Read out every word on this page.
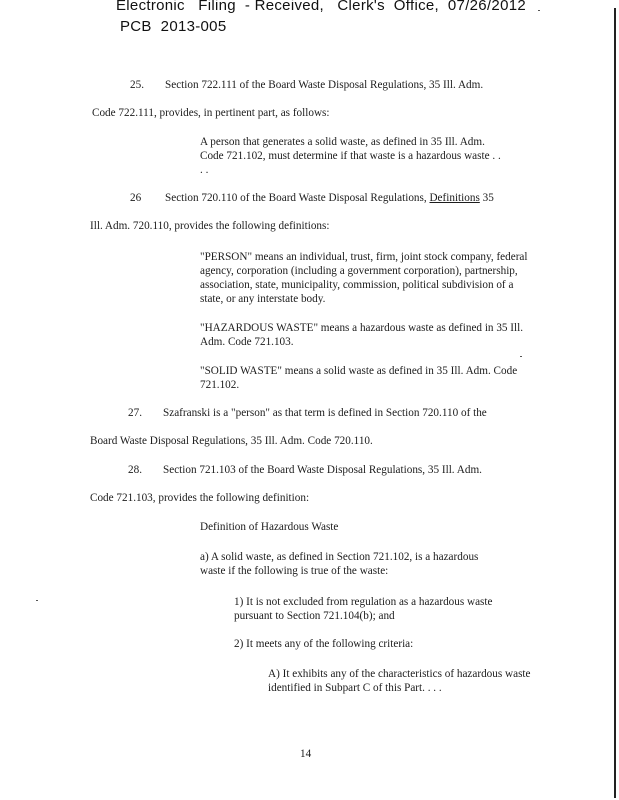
Electronic   Filing  - Received,   Clerk's  Office,  07/26/2012
PCB  2013-005
25. Section 722.111 of the Board Waste Disposal Regulations, 35 Ill. Adm.
Code 722.111, provides, in pertinent part, as follows:
A person that generates a solid waste, as defined in 35 Ill. Adm.
Code 721.102, must determine if that waste is a hazardous waste . .
. .
26 Section 720.110 of the Board Waste Disposal Regulations, Definitions 35
Ill. Adm. 720.110, provides the following definitions:
"PERSON" means an individual, trust, firm, joint stock company, federal agency, corporation (including a government corporation), partnership, association, state, municipality, commission, political subdivision of a state, or any interstate body.
"HAZARDOUS WASTE" means a hazardous waste as defined in 35 Ill. Adm. Code 721.103.
"SOLID WASTE" means a solid waste as defined in 35 Ill. Adm. Code 721.102.
27. Szafranski is a "person" as that term is defined in Section 720.110 of the
Board Waste Disposal Regulations, 35 Ill. Adm. Code 720.110.
28. Section 721.103 of the Board Waste Disposal Regulations, 35 Ill. Adm.
Code 721.103, provides the following definition:
Definition of Hazardous Waste
a) A solid waste, as defined in Section 721.102, is a hazardous waste if the following is true of the waste:
1) It is not excluded from regulation as a hazardous waste pursuant to Section 721.104(b); and
2) It meets any of the following criteria:
A) It exhibits any of the characteristics of hazardous waste identified in Subpart C of this Part. . . .
14
